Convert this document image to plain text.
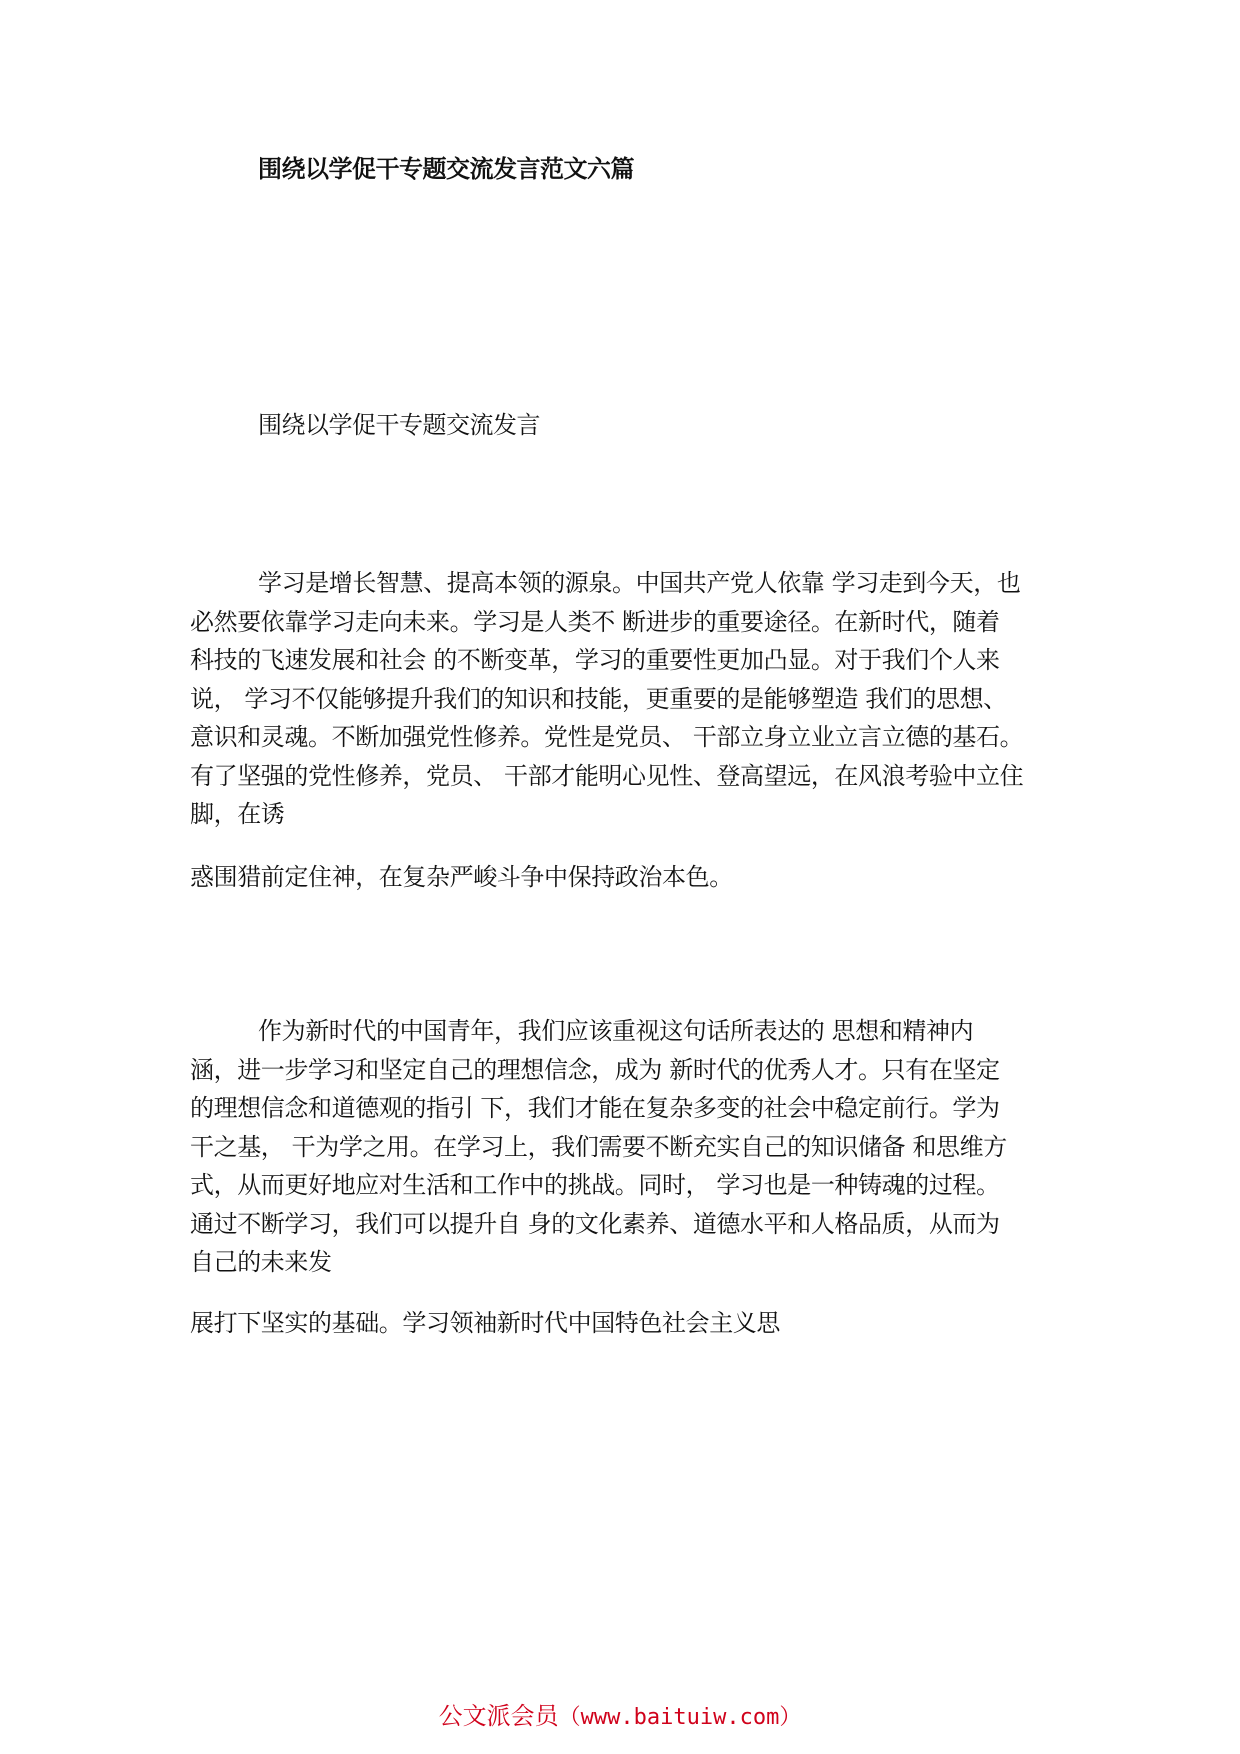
围绕以学促干专题交流发言范文六篇
围绕以学促干专题交流发言
学习是增长智慧、提高本领的源泉。中国共产党人依靠 学习走到今天，也
必然要依靠学习走向未来。学习是人类不 断进步的重要途径。在新时代，随着
科技的飞速发展和社会 的不断变革，学习的重要性更加凸显。对于我们个人来
说， 学习不仅能够提升我们的知识和技能，更重要的是能够塑造 我们的思想、
意识和灵魂。不断加强党性修养。党性是党员、 干部立身立业立言立德的基石。
有了坚强的党性修养，党员、 干部才能明心见性、登高望远，在风浪考验中立住
脚，在诱
惑围猎前定住神，在复杂严峻斗争中保持政治本色。
作为新时代的中国青年，我们应该重视这句话所表达的 思想和精神内
涵，进一步学习和坚定自己的理想信念，成为 新时代的优秀人才。只有在坚定
的理想信念和道德观的指引 下，我们才能在复杂多变的社会中稳定前行。学为
干之基， 干为学之用。在学习上，我们需要不断充实自己的知识储备 和思维方
式，从而更好地应对生活和工作中的挑战。同时， 学习也是一种铸魂的过程。
通过不断学习，我们可以提升自 身的文化素养、道德水平和人格品质，从而为
自己的未来发
展打下坚实的基础。学习领袖新时代中国特色社会主义思
公文派会员（www.baituiw.com）
